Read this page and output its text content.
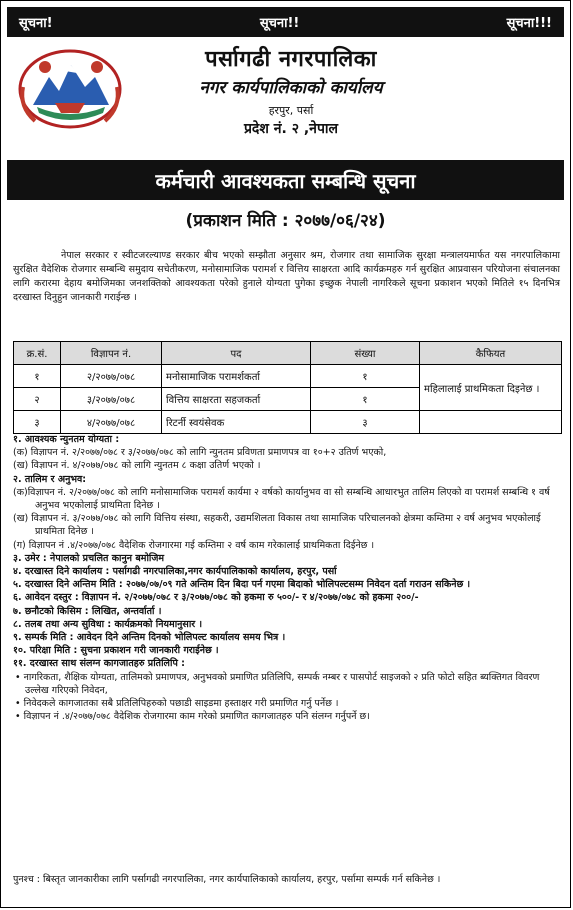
सूचना!	सूचना!!	सूचना!!!
पर्सागढी नगरपालिका
नगर कार्यपालिकाको कार्यालय
हरपुर, पर्सा
प्रदेश नं. २ ,नेपाल
कर्मचारी आवश्यकता सम्बन्धि सूचना
(प्रकाशन मिति : २०७७/०६/२४)

नेपाल सरकार र स्वीटजरल्याण्ड सरकार बीच भएको सम्झौता अनुसार श्रम, रोजगार तथा सामाजिक सुरक्षा मन्त्रालयमार्फत यस नगरपालिकामा सुरक्षित वैदेशिक रोजगार सम्बन्धि समुदाय सचेतीकरण, मनोसामाजिक परामर्श र वित्तिय साक्षरता आदि कार्यक्रमहरु गर्न सुरक्षित आप्रवासन परियोजना संचालनका लागि करारमा देहाय बमोजिमका जनशक्तिको आवश्यकता परेको हुनाले योग्यता पुगेका इच्छुक नेपाली नागरिकले सूचना प्रकाशन भएको मितिले १५ दिनभित्र दरखास्त दिनुहुन जानकारी गराईन्छ ।

क्र.सं.	विज्ञापन नं.	पद	संख्या	कैफियत
१	२/२०७७/०७८	मनोसामाजिक परामर्शकर्ता	१	महिलालाई प्राथमिकता दिइनेछ ।
२	३/२०७७/०७८	वित्तिय साक्षरता सहजकर्ता	१	
३	४/२०७७/०७८	रिटर्नी स्वयंसेवक	३	

१. आवश्यक न्युनतम योग्यता :

(क) विज्ञापन नं. २/२०७७/०७८ र ३/२०७७/०७८ को लागि न्युनतम प्रविणता प्रमाणपत्र वा १०+२ उतिर्ण भएको,

(ख) विज्ञापन नं. ४/२०७७/०७८ को लागि न्युनतम ८ कक्षा उतिर्ण भएको ।

२. तालिम र अनुभव:

(क)विज्ञापन नं. २/२०७७/०७८ को लागि मनोसामाजिक परामर्श कार्यमा २ वर्षको कार्यानुभव वा सो सम्बन्धि आधारभुत तालिम लिएको वा परामर्श सम्बन्धि १ वर्ष अनुभव भएकोलाई प्राथमिता दिनेछ ।

(ख) विज्ञापन नं. ३/२०७७/०७८ को लागि वित्तिय संस्था, सहकरी, उद्यमशिलता विकास तथा सामाजिक परिचालनको क्षेत्रमा कम्तिमा २ वर्ष अनुभव भएकोलाई प्राथमिता दिनेछ ।

(ग) विज्ञापन नं .४/२०७७/०७८ वैदेशिक रोजगारमा गई कम्तिमा २ वर्ष काम गरेकालाई प्राथमिकता दिईनेछ ।

३. उमेर : नेपालको प्रचलित कानुन बमोजिम

४. दरखास्त दिने कार्यालय : पर्सागढी नगरपालिका,नगर कार्यपालिकाको कार्यालय, हरपुर, पर्सा

५. दरखास्त दिने अन्तिम मिति : २०७७/०७/०९ गते अन्तिम दिन बिदा पर्न गएमा बिदाको भोलिपल्टसम्म निवेदन दर्ता गराउन सकिनेछ ।

६. आवेदन दस्तुर : विज्ञापन नं. २/२०७७/०७८ र ३/२०७७/०७८ को हकमा रु ५००/- र ४/२०७७/०७८ को हकमा २००/-

७. छनौटको किसिम : लिखित, अन्तर्वार्ता ।

८. तलब तथा अन्य सुविधा : कार्यक्रमको नियमानुसार ।

९. सम्पर्क मिति : आवेदन दिने अन्तिम दिनको भोलिपल्ट कार्यालय समय भित्र ।

१०. परिक्षा मिति : सुचना प्रकाशन गरी जानकारी गराईनेछ ।

११. दरखास्त साथ संलग्न कागजातहरु प्रतिलिपि :

• नागरिकता, शैक्षिक योग्यता, तालिमको प्रमाणपत्र, अनुभवको प्रमाणित प्रतिलिपि, सम्पर्क नम्बर र पासपोर्ट साइजको २ प्रति फोटो सहित ब्यक्तिगत विवरण उल्लेख गरिएको निवेदन,

• निवेदकले कागजातका सबै प्रतिलिपिहरुको पछाडी साइडमा हस्ताक्षर गरी प्रमाणित गर्नु पर्नेछ ।

• विज्ञापन नं .४/२०७७/०७८ वैदेशिक रोजगारमा काम गरेको प्रमाणित कागजातहरु पनि संलग्न गर्नुपर्ने छ।

पुनश्च : बिस्तृत जानकारीका लागि पर्सागढी नगरपालिका, नगर कार्यपालिकाको कार्यालय, हरपुर, पर्सामा सम्पर्क गर्न सकिनेछ ।
